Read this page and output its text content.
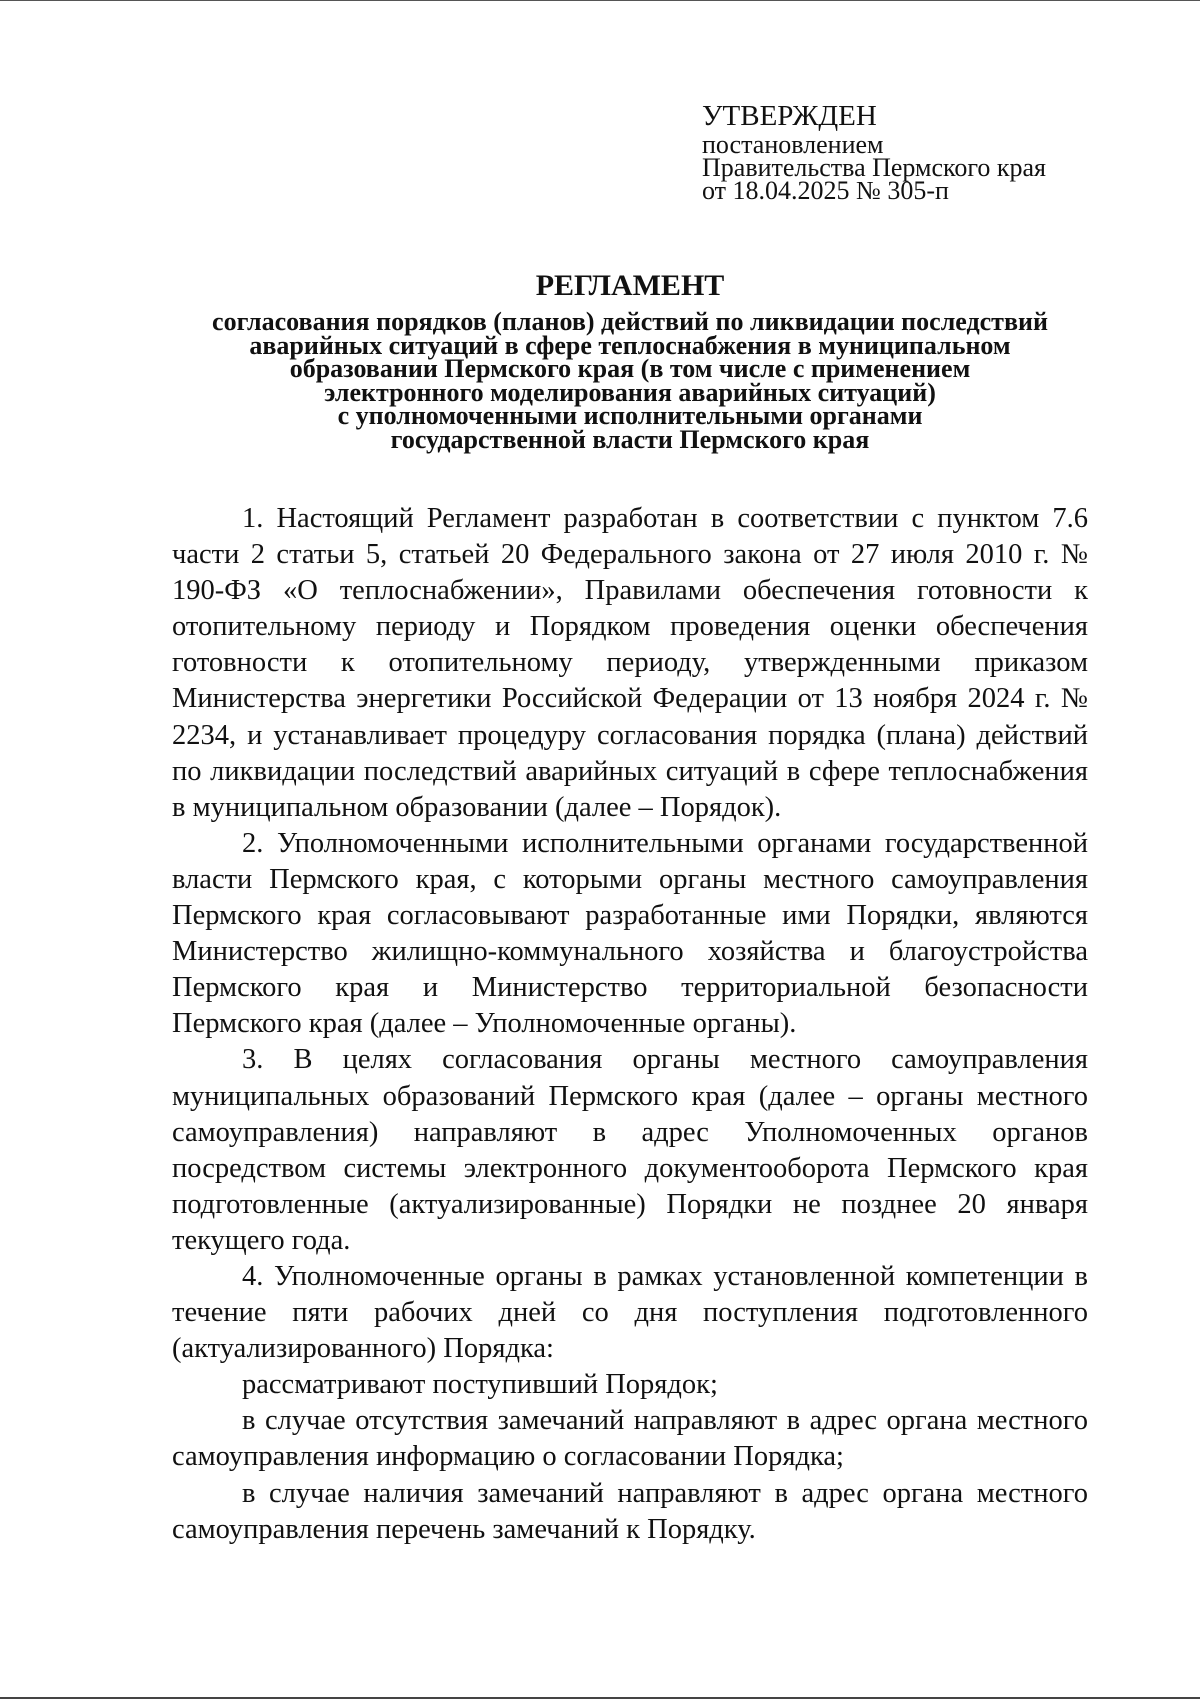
УТВЕРЖДЕН
постановлением
Правительства Пермского края
от 18.04.2025 № 305-п
РЕГЛАМЕНТ
согласования порядков (планов) действий по ликвидации последствий
аварийных ситуаций в сфере теплоснабжения в муниципальном
образовании Пермского края (в том числе с применением
электронного моделирования аварийных ситуаций)
с уполномоченными исполнительными органами
государственной власти Пермского края

1. Настоящий Регламент разработан в соответствии с пунктом 7.6 части 2 статьи 5, статьей 20 Федерального закона от 27 июля 2010 г. № 190-ФЗ «О теплоснабжении», Правилами обеспечения готовности к отопительному периоду и Порядком проведения оценки обеспечения готовности к отопительному периоду, утвержденными приказом Министерства энергетики Российской Федерации от 13 ноября 2024 г. № 2234, и устанавливает процедуру согласования порядка (плана) действий по ликвидации последствий аварийных ситуаций в сфере теплоснабжения в муниципальном образовании (далее – Порядок).

2. Уполномоченными исполнительными органами государственной власти Пермского края, с которыми органы местного самоуправления Пермского края согласовывают разработанные ими Порядки, являются Министерство жилищно-коммунального хозяйства и благоустройства Пермского края и Министерство территориальной безопасности Пермского края (далее – Уполномоченные органы).

3. В целях согласования органы местного самоуправления муниципальных образований Пермского края (далее – органы местного самоуправления) направляют в адрес Уполномоченных органов посредством системы электронного документооборота Пермского края подготовленные (актуализированные) Порядки не позднее 20 января текущего года.

4. Уполномоченные органы в рамках установленной компетенции в течение пяти рабочих дней со дня поступления подготовленного (актуализированного) Порядка:

рассматривают поступивший Порядок;

в случае отсутствия замечаний направляют в адрес органа местного самоуправления информацию о согласовании Порядка;

в случае наличия замечаний направляют в адрес органа местного самоуправления перечень замечаний к Порядку.
